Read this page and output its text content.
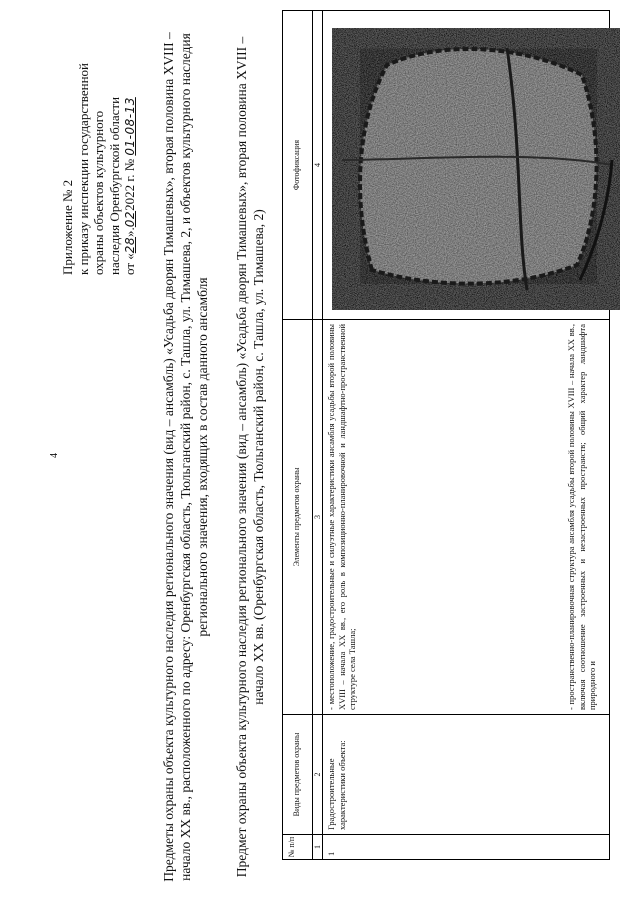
4
Приложение № 2 к приказу инспекции государственной охраны объектов культурного наследия Оренбургской области от «28».022022 г. № 01-08-13 Предметы охраны объекта культурного наследия регионального значения (вид – ансамбль) «Усадьба дворян Тимашевых», вторая половина XVIII – начало XX вв., расположенного по адресу: Оренбургская область, Тюльганский район, с. Ташла, ул. Тимашева, 2, и объектов культурного наследия регионального значения, входящих в состав данного ансамбля Предмет охраны объекта культурного наследия регионального значения (вид – ансамбль) «Усадьба дворян Тимашевых», вторая половина XVIII – начало XX вв. (Оренбургская область, Тюльганский район, с. Ташла, ул. Тимашева, 2)
№ п/п
Виды предметов охраны
Элементы предметов охраны
Фотофиксация
1
2
3
4
1
Градостроительные характеристики объекта:
- местоположение, градостроительные и силуэтные характеристики ансамбля усадьбы второй половины XVIII – начала XX вв., его роль в композиционно-планировочной и ландшафтно-пространственной структуре села Ташла;	- пространственно-планировочная структура ансамбля усадьбы второй половины XVIII – начала XX вв., включая соотношение застроенных и незастроенных пространств; общий характер ландшафта природного и
